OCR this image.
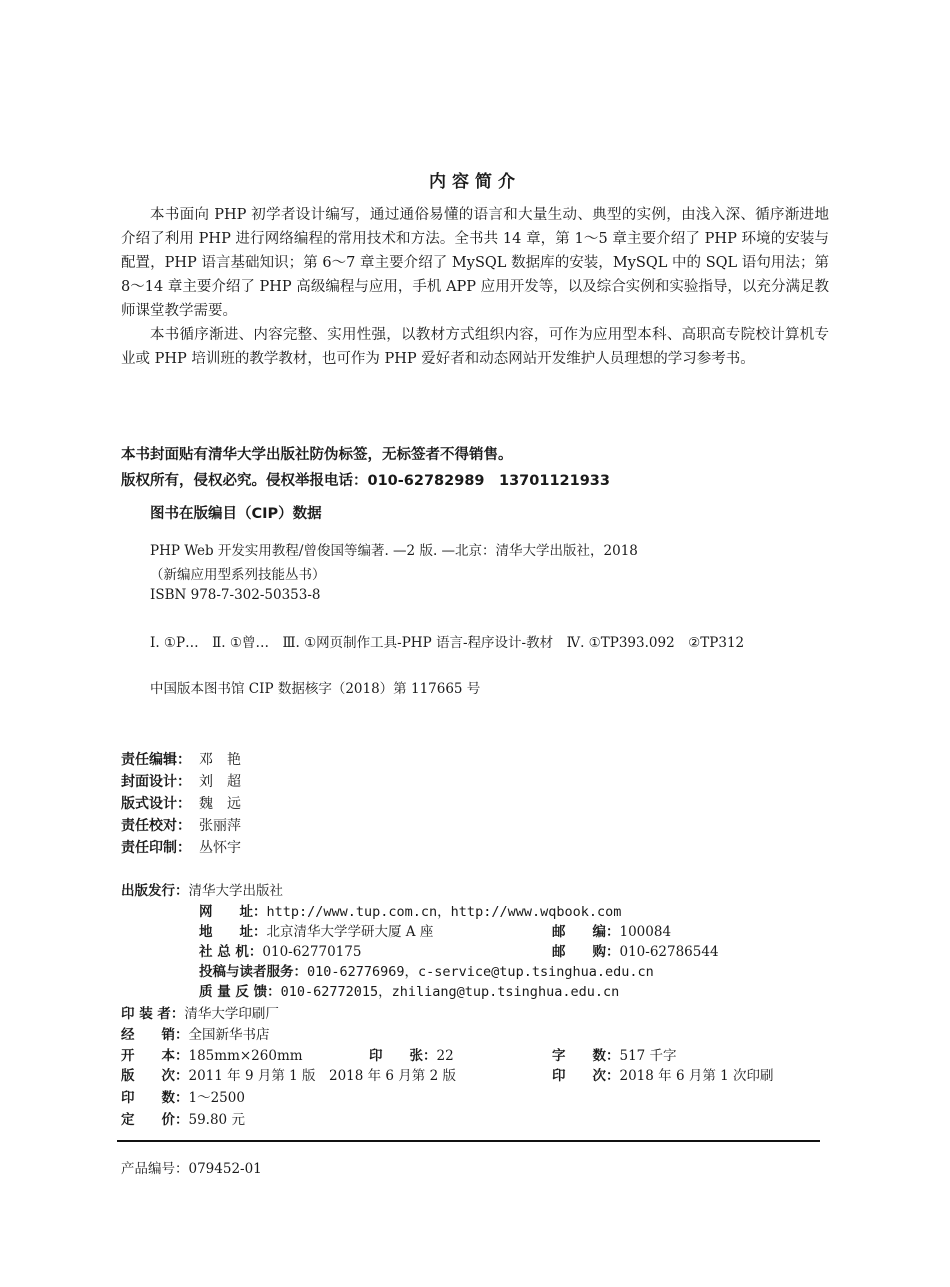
内容简介
本书面向 PHP 初学者设计编写，通过通俗易懂的语言和大量生动、典型的实例，由浅入深、循序渐进地介绍了利用 PHP 进行网络编程的常用技术和方法。全书共 14 章，第 1～5 章主要介绍了 PHP 环境的安装与配置，PHP 语言基础知识；第 6～7 章主要介绍了 MySQL 数据库的安装，MySQL 中的 SQL 语句用法；第 8～14 章主要介绍了 PHP 高级编程与应用，手机 APP 应用开发等，以及综合实例和实验指导，以充分满足教师课堂教学需要。
本书循序渐进、内容完整、实用性强，以教材方式组织内容，可作为应用型本科、高职高专院校计算机专业或 PHP 培训班的教学教材，也可作为 PHP 爱好者和动态网站开发维护人员理想的学习参考书。
本书封面贴有清华大学出版社防伪标签，无标签者不得销售。
版权所有，侵权必究。侵权举报电话：010-62782989　13701121933
图书在版编目（CIP）数据
PHP Web 开发实用教程/曾俊国等编著. —2 版. —北京：清华大学出版社，2018
（新编应用型系列技能丛书）
ISBN 978-7-302-50353-8
Ⅰ. ①P…　Ⅱ. ①曾…　Ⅲ. ①网页制作工具-PHP 语言-程序设计-教材　Ⅳ. ①TP393.092　②TP312
中国版本图书馆 CIP 数据核字（2018）第 117665 号
责任编辑： 邓　艳
封面设计： 刘　超
版式设计： 魏　远
责任校对： 张丽萍
责任印制： 丛怀宇
出版发行：清华大学出版社
网　　址：http://www.tup.com.cn，http://www.wqbook.com
地　　址：北京清华大学学研大厦 A 座	邮　　编：100084
社 总 机：010-62770175	邮　　购：010-62786544
投稿与读者服务：010-62776969，c-service@tup.tsinghua.edu.cn
质 量 反 馈：010-62772015，zhiliang@tup.tsinghua.edu.cn
印 装 者：清华大学印刷厂
经　　销：全国新华书店
开　　本：185mm×260mm	印　　张：22	字　　数：517 千字
版　　次：2011 年 9 月第 1 版　2018 年 6 月第 2 版	印　　次：2018 年 6 月第 1 次印刷
印　　数：1～2500
定　　价：59.80 元
产品编号：079452-01
